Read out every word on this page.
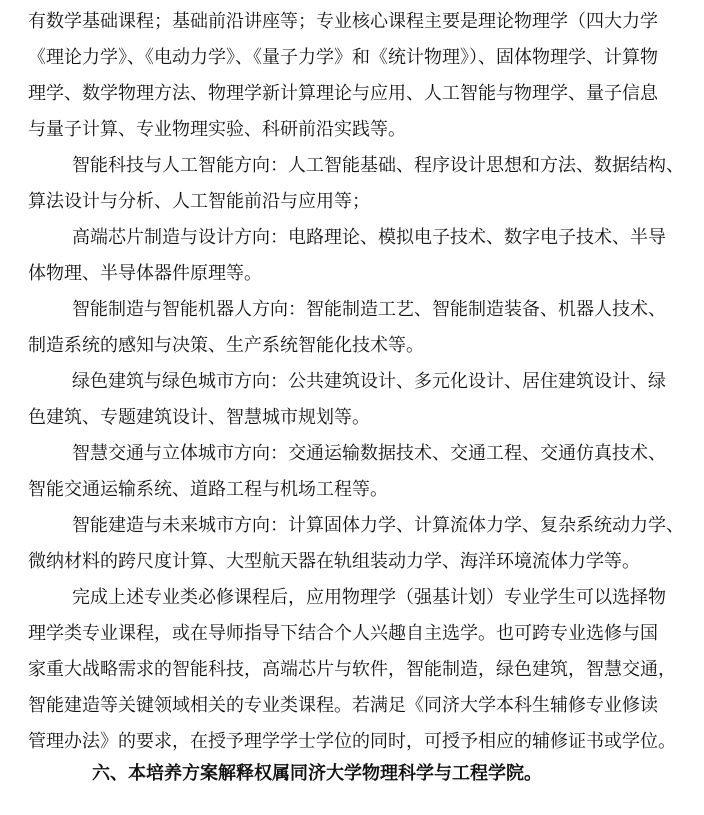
有数学基础课程；基础前沿讲座等；专业核心课程主要是理论物理学（四大力学
《理论力学》、《电动力学》、《量子力学》和《统计物理》）、固体物理学、计算物
理学、数学物理方法、物理学新计算理论与应用、人工智能与物理学、量子信息
与量子计算、专业物理实验、科研前沿实践等。
智能科技与人工智能方向：人工智能基础、程序设计思想和方法、数据结构、
算法设计与分析、人工智能前沿与应用等；
高端芯片制造与设计方向：电路理论、模拟电子技术、数字电子技术、半导
体物理、半导体器件原理等。
智能制造与智能机器人方向：智能制造工艺、智能制造装备、机器人技术、
制造系统的感知与决策、生产系统智能化技术等。
绿色建筑与绿色城市方向：公共建筑设计、多元化设计、居住建筑设计、绿
色建筑、专题建筑设计、智慧城市规划等。
智慧交通与立体城市方向：交通运输数据技术、交通工程、交通仿真技术、
智能交通运输系统、道路工程与机场工程等。
智能建造与未来城市方向：计算固体力学、计算流体力学、复杂系统动力学、
微纳材料的跨尺度计算、大型航天器在轨组装动力学、海洋环境流体力学等。
完成上述专业类必修课程后，应用物理学（强基计划）专业学生可以选择物
理学类专业课程，或在导师指导下结合个人兴趣自主选学。也可跨专业选修与国
家重大战略需求的智能科技，高端芯片与软件，智能制造，绿色建筑，智慧交通，
智能建造等关键领域相关的专业类课程。若满足《同济大学本科生辅修专业修读
管理办法》的要求，在授予理学学士学位的同时，可授予相应的辅修证书或学位。
六、本培养方案解释权属同济大学物理科学与工程学院。
